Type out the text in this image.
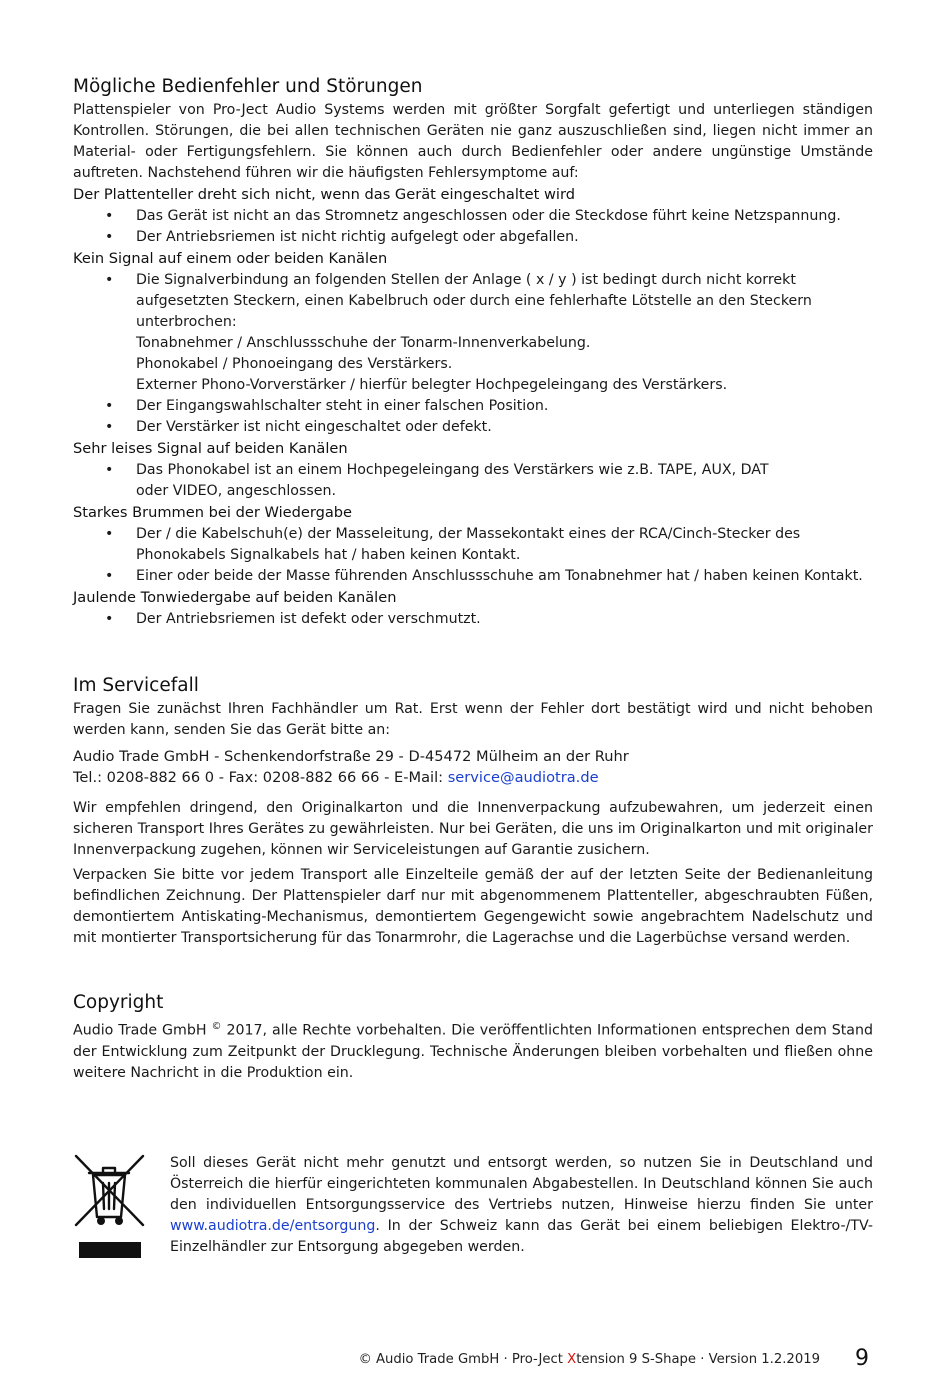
Mögliche Bedienfehler und Störungen

Plattenspieler von Pro-Ject Audio Systems werden mit größter Sorgfalt gefertigt und unterliegen ständigen Kontrollen. Störungen, die bei allen technischen Geräten nie ganz auszuschließen sind, liegen nicht immer an Material- oder Fertigungsfehlern. Sie können auch durch Bedienfehler oder andere ungünstige Umstände auftreten. Nachstehend führen wir die häufigsten Fehlersymptome auf:

Der Plattenteller dreht sich nicht, wenn das Gerät eingeschaltet wird
• Das Gerät ist nicht an das Stromnetz angeschlossen oder die Steckdose führt keine Netzspannung.
• Der Antriebsriemen ist nicht richtig aufgelegt oder abgefallen.
Kein Signal auf einem oder beiden Kanälen
• Die Signalverbindung an folgenden Stellen der Anlage ( x / y ) ist bedingt durch nicht korrekt aufgesetzten Steckern, einen Kabelbruch oder durch eine fehlerhafte Lötstelle an den Steckern unterbrochen:
Tonabnehmer / Anschlussschuhe der Tonarm-Innenverkabelung.
Phonokabel / Phonoeingang des Verstärkers.
Externer Phono-Vorverstärker / hierfür belegter Hochpegeleingang des Verstärkers.
• Der Eingangswahlschalter steht in einer falschen Position.
• Der Verstärker ist nicht eingeschaltet oder defekt.
Sehr leises Signal auf beiden Kanälen
• Das Phonokabel ist an einem Hochpegeleingang des Verstärkers wie z.B. TAPE, AUX, DAT
oder VIDEO, angeschlossen.
Starkes Brummen bei der Wiedergabe
• Der / die Kabelschuh(e) der Masseleitung, der Massekontakt eines der RCA/Cinch-Stecker des Phonokabels Signalkabels hat / haben keinen Kontakt.
• Einer oder beide der Masse führenden Anschlussschuhe am Tonabnehmer hat / haben keinen Kontakt.
Jaulende Tonwiedergabe auf beiden Kanälen
• Der Antriebsriemen ist defekt oder verschmutzt.
Im Servicefall

Fragen Sie zunächst Ihren Fachhändler um Rat. Erst wenn der Fehler dort bestätigt wird und nicht behoben werden kann, senden Sie das Gerät bitte an:

Audio Trade GmbH - Schenkendorfstraße 29 - D-45472 Mülheim an der Ruhr
Tel.: 0208-882 66 0 - Fax: 0208-882 66 66 - E-Mail: service@audiotra.de

Wir empfehlen dringend, den Originalkarton und die Innenverpackung aufzubewahren, um jederzeit einen sicheren Transport Ihres Gerätes zu gewährleisten. Nur bei Geräten, die uns im Originalkarton und mit originaler Innenverpackung zugehen, können wir Serviceleistungen auf Garantie zusichern.

Verpacken Sie bitte vor jedem Transport alle Einzelteile gemäß der auf der letzten Seite der Bedienanleitung befindlichen Zeichnung. Der Plattenspieler darf nur mit abgenommenem Plattenteller, abgeschraubten Füßen, demontiertem Antiskating-Mechanismus, demontiertem Gegengewicht sowie angebrachtem Nadelschutz und mit montierter Transportsicherung für das Tonarmrohr, die Lagerachse und die Lagerbüchse versand werden.

Copyright

Audio Trade GmbH © 2017, alle Rechte vorbehalten. Die veröffentlichten Informationen entsprechen dem Stand der Entwicklung zum Zeitpunkt der Drucklegung. Technische Änderungen bleiben vorbehalten und fließen ohne weitere Nachricht in die Produktion ein.

Soll dieses Gerät nicht mehr genutzt und entsorgt werden, so nutzen Sie in Deutschland und Österreich die hierfür eingerichteten kommunalen Abgabestellen. In Deutschland können Sie auch den individuellen Entsorgungsservice des Vertriebs nutzen, Hinweise hierzu finden Sie unter www.audiotra.de/entsorgung. In der Schweiz kann das Gerät bei einem beliebigen Elektro-/TV-Einzelhändler zur Entsorgung abgegeben werden.

© Audio Trade GmbH · Pro-Ject Xtension 9 S-Shape · Version 1.2.2019 9
